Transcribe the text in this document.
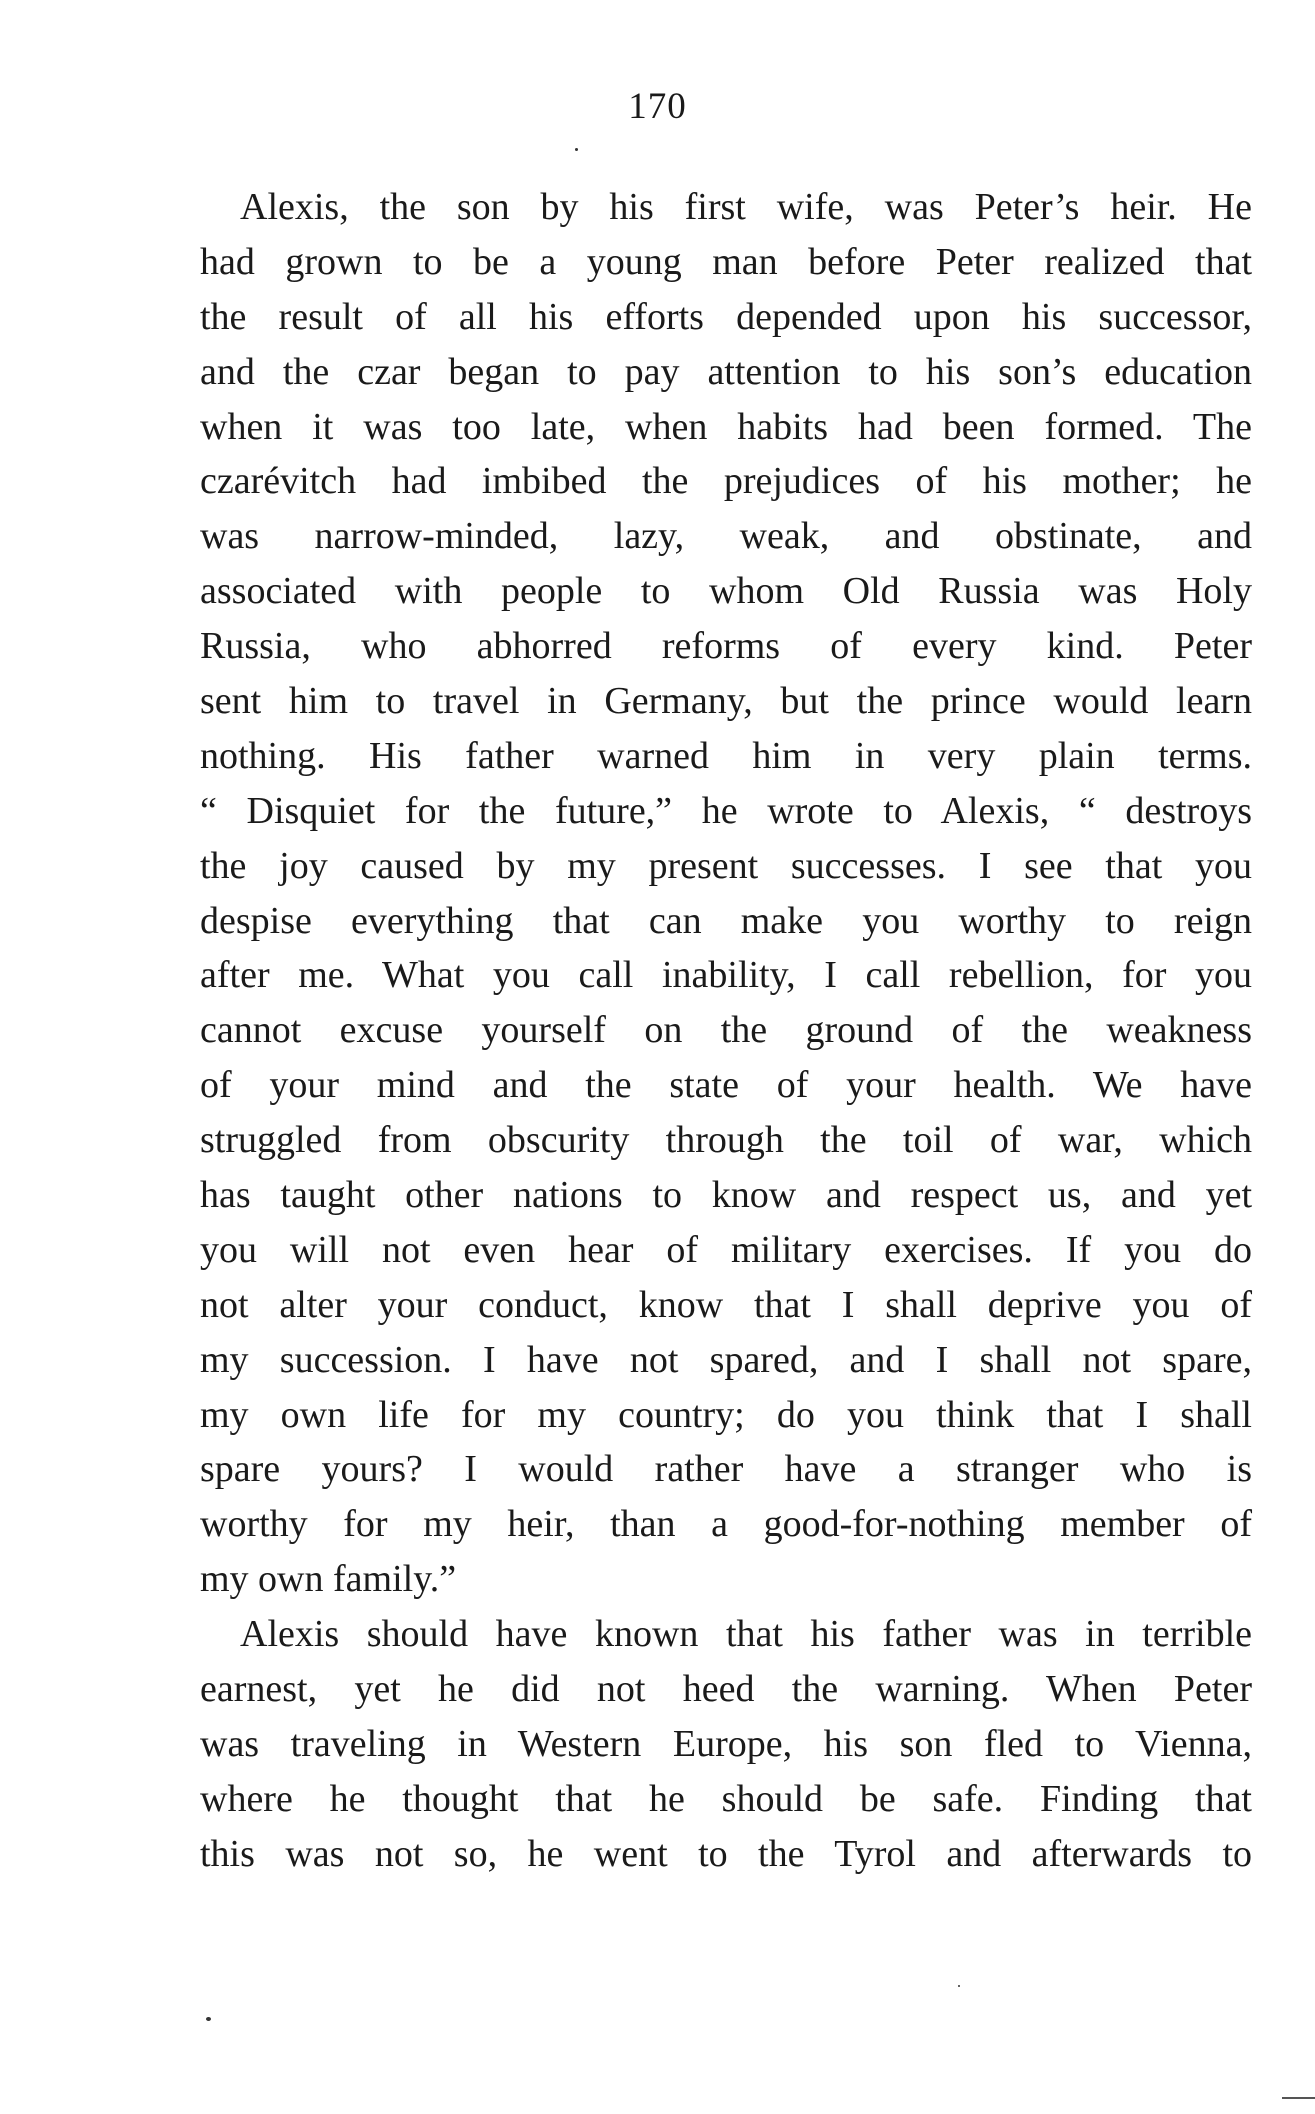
170
Alexis, the son by his first wife, was Peter’s heir. He
had grown to be a young man before Peter realized that
the result of all his efforts depended upon his successor,
and the czar began to pay attention to his son’s education
when it was too late, when habits had been formed. The
czarévitch had imbibed the prejudices of his mother; he
was narrow-minded, lazy, weak, and obstinate, and
associated with people to whom Old Russia was Holy
Russia, who abhorred reforms of every kind. Peter
sent him to travel in Germany, but the prince would learn
nothing. His father warned him in very plain terms.
“ Disquiet for the future,” he wrote to Alexis, “ destroys
the joy caused by my present successes. I see that you
despise everything that can make you worthy to reign
after me. What you call inability, I call rebellion, for you
cannot excuse yourself on the ground of the weakness
of your mind and the state of your health. We have
struggled from obscurity through the toil of war, which
has taught other nations to know and respect us, and yet
you will not even hear of military exercises. If you do
not alter your conduct, know that I shall deprive you of
my succession. I have not spared, and I shall not spare,
my own life for my country; do you think that I shall
spare yours? I would rather have a stranger who is
worthy for my heir, than a good-for-nothing member of
my own family.”
Alexis should have known that his father was in terrible
earnest, yet he did not heed the warning. When Peter
was traveling in Western Europe, his son fled to Vienna,
where he thought that he should be safe. Finding that
this was not so, he went to the Tyrol and afterwards to
